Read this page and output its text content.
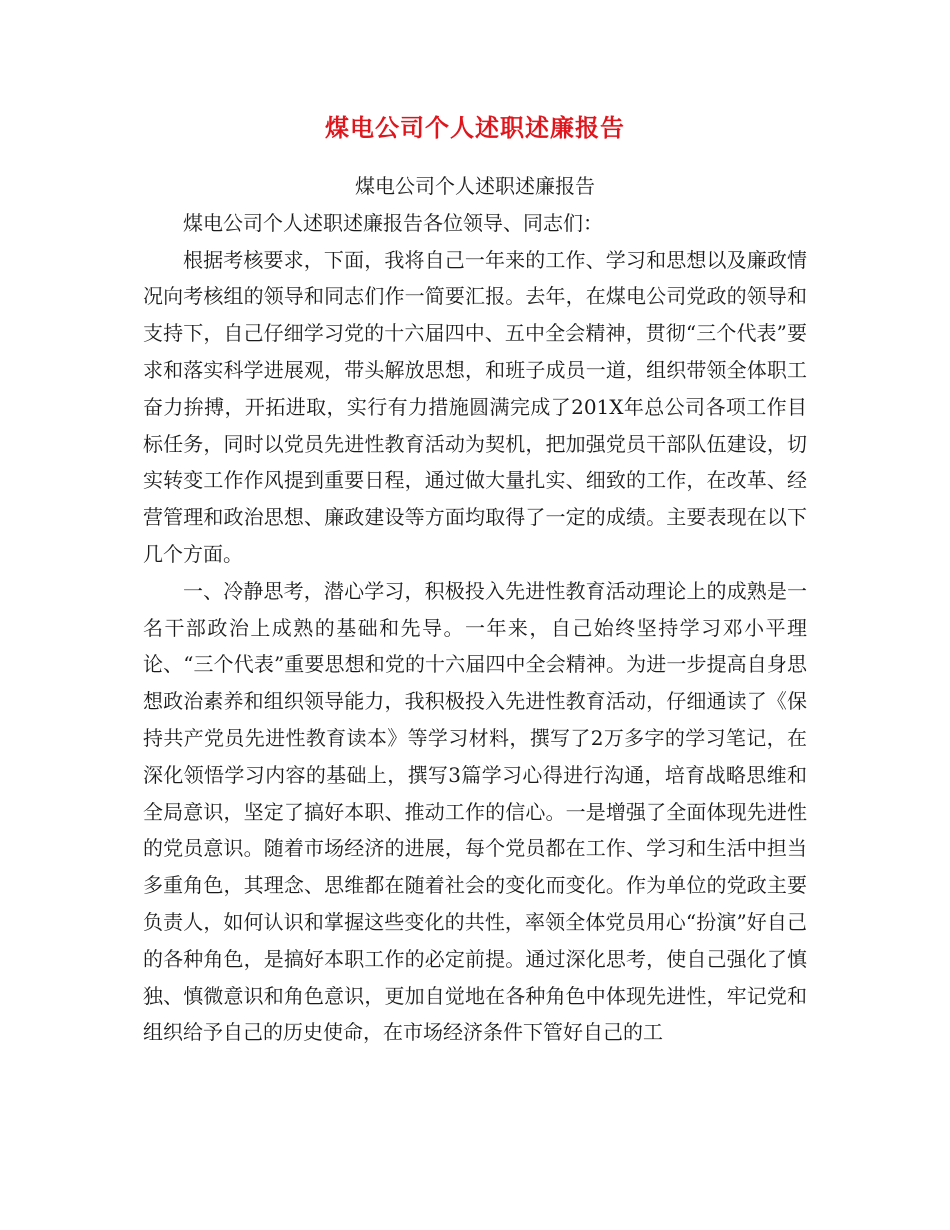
煤电公司个人述职述廉报告

煤电公司个人述职述廉报告

煤电公司个人述职述廉报告各位领导、同志们：

根据考核要求，下面，我将自己一年来的工作、学习和思想以及廉政情况向考核组的领导和同志们作一简要汇报。去年，在煤电公司党政的领导和支持下，自己仔细学习党的十六届四中、五中全会精神，贯彻“三个代表”要求和落实科学进展观，带头解放思想，和班子成员一道，组织带领全体职工奋力拚搏，开拓进取，实行有力措施圆满完成了201X年总公司各项工作目标任务，同时以党员先进性教育活动为契机，把加强党员干部队伍建设，切实转变工作作风提到重要日程，通过做大量扎实、细致的工作，在改革、经营管理和政治思想、廉政建设等方面均取得了一定的成绩。主要表现在以下几个方面。

一、冷静思考，潜心学习，积极投入先进性教育活动理论上的成熟是一名干部政治上成熟的基础和先导。一年来，自己始终坚持学习邓小平理论、“三个代表”重要思想和党的十六届四中全会精神。为进一步提高自身思想政治素养和组织领导能力，我积极投入先进性教育活动，仔细通读了《保持共产党员先进性教育读本》等学习材料，撰写了2万多字的学习笔记，在深化领悟学习内容的基础上，撰写3篇学习心得进行沟通，培育战略思维和全局意识，坚定了搞好本职、推动工作的信心。一是增强了全面体现先进性的党员意识。随着市场经济的进展，每个党员都在工作、学习和生活中担当多重角色，其理念、思维都在随着社会的变化而变化。作为单位的党政主要负责人，如何认识和掌握这些变化的共性，率领全体党员用心“扮演”好自己的各种角色，是搞好本职工作的必定前提。通过深化思考，使自己强化了慎独、慎微意识和角色意识，更加自觉地在各种角色中体现先进性，牢记党和组织给予自己的历史使命，在市场经济条件下管好自己的工
